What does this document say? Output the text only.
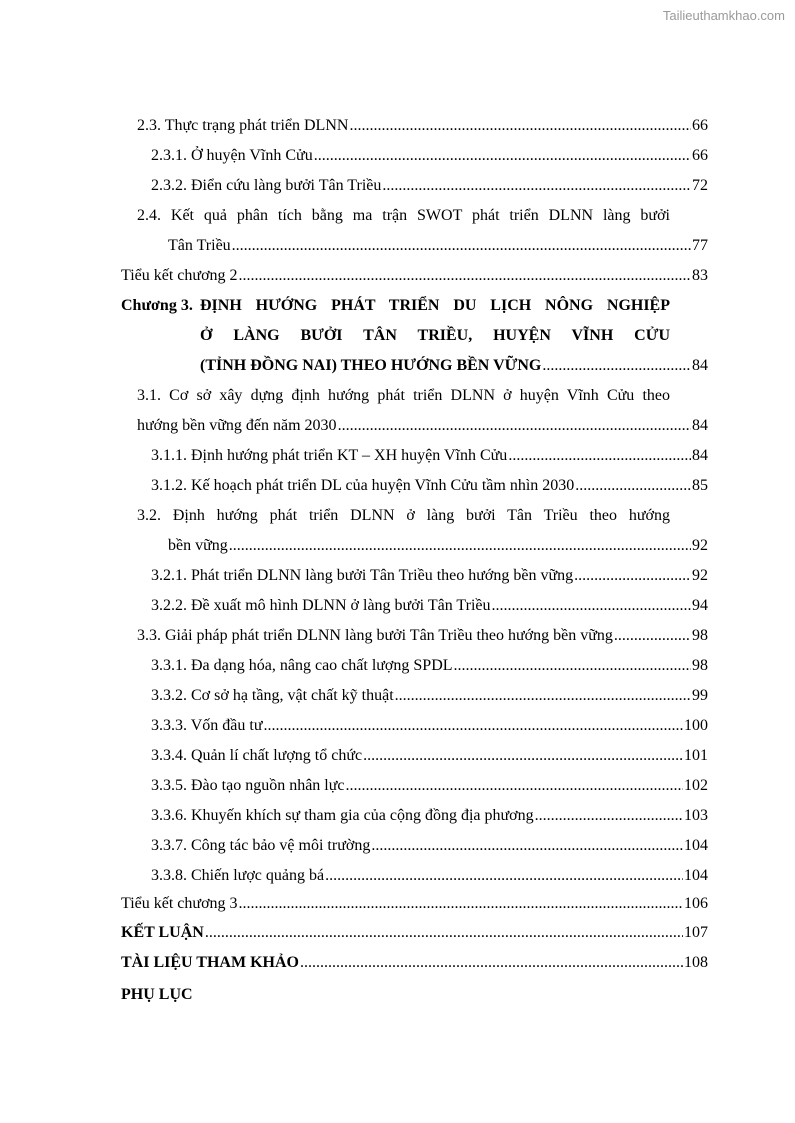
Tailieuthamkhao.com
2.3. Thực trạng phát triển DLNN .....	66
2.3.1. Ở huyện Vĩnh Cửu .....	66
2.3.2. Điển cứu làng bưởi Tân Triều .....	72
2.4. Kết quả phân tích bằng ma trận SWOT phát triển DLNN làng bưởi
Tân Triều .....	77
Tiểu kết chương 2 .....	83
Chương 3. ĐỊNH HƯỚNG PHÁT TRIỂN DU LỊCH NÔNG NGHIỆP
Ở LÀNG BƯỞI TÂN TRIỀU, HUYỆN VĨNH CỬU
(TỈNH ĐỒNG NAI) THEO HƯỚNG BỀN VỮNG .....	84
3.1. Cơ sở xây dựng định hướng phát triển DLNN ở huyện Vĩnh Cửu theo
hướng bền vững đến năm 2030 .....	84
3.1.1. Định hướng phát triển KT – XH huyện Vĩnh Cửu .....	84
3.1.2. Kế hoạch phát triển DL của huyện Vĩnh Cửu tầm nhìn 2030 .....	85
3.2. Định hướng phát triển DLNN ở làng bưởi Tân Triều theo hướng
bền vững .....	92
3.2.1. Phát triển DLNN làng bưởi Tân Triều theo hướng bền vững .....	92
3.2.2. Đề xuất mô hình DLNN ở làng bưởi Tân Triều .....	94
3.3. Giải pháp phát triển DLNN làng bưởi Tân Triều theo hướng bền vững .....	98
3.3.1. Đa dạng hóa, nâng cao chất lượng SPDL .....	98
3.3.2. Cơ sở hạ tầng, vật chất kỹ thuật .....	99
3.3.3. Vốn đầu tư .....	100
3.3.4. Quản lí chất lượng tổ chức .....	101
3.3.5. Đào tạo nguồn nhân lực .....	102
3.3.6. Khuyến khích sự tham gia của cộng đồng địa phương .....	103
3.3.7. Công tác bảo vệ môi trường .....	104
3.3.8. Chiến lược quảng bá .....	104
Tiểu kết chương 3 .....	106
KẾT LUẬN .....	107
TÀI LIỆU THAM KHẢO .....	108
PHỤ LỤC
